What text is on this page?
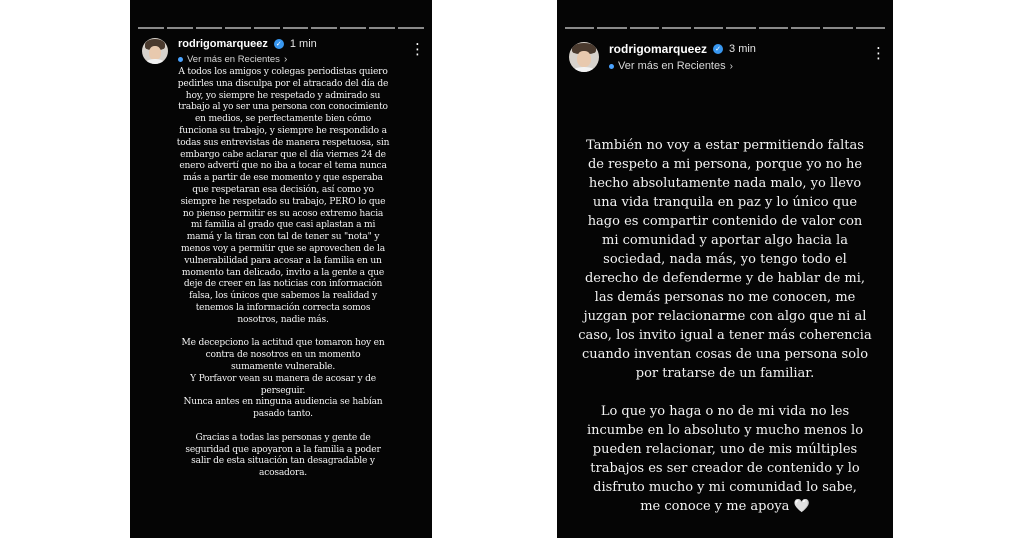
rodrigomarqueez ✓ 1 min
Ver más en Recientes ›
⋮
A todos los amigos y colegas periodistas quiero
pedirles una disculpa por el atracado del día de
hoy, yo siempre he respetado y admirado su
trabajo al yo ser una persona con conocimiento
en medios, se perfectamente bien cómo
funciona su trabajo, y siempre he respondido a
todas sus entrevistas de manera respetuosa, sin
embargo cabe aclarar que el día viernes 24 de
enero advertí que no iba a tocar el tema nunca
más a partir de ese momento y que esperaba
que respetaran esa decisión, así como yo
siempre he respetado su trabajo, PERO lo que
no pienso permitir es su acoso extremo hacia
mi familia al grado que casi aplastan a mi
mamá y la tiran con tal de tener su "nota" y
menos voy a permitir que se aprovechen de la
vulnerabilidad para acosar a la familia en un
momento tan delicado, invito a la gente a que
deje de creer en las noticias con información
falsa, los únicos que sabemos la realidad y
tenemos la información correcta somos
nosotros, nadie más.

Me decepciono la actitud que tomaron hoy en
contra de nosotros en un momento
sumamente vulnerable.
Y Porfavor vean su manera de acosar y de
perseguir.
Nunca antes en ninguna audiencia se habían
pasado tanto.

Gracias a todas las personas y gente de
seguridad que apoyaron a la familia a poder
salir de esta situación tan desagradable y
acosadora.
rodrigomarqueez ✓ 3 min
Ver más en Recientes ›
⋮
También no voy a estar permitiendo faltas
de respeto a mi persona, porque yo no he
hecho absolutamente nada malo, yo llevo
una vida tranquila en paz y lo único que
hago es compartir contenido de valor con
mi comunidad y aportar algo hacia la
sociedad, nada más, yo tengo todo el
derecho de defenderme y de hablar de mi,
las demás personas no me conocen, me
juzgan por relacionarme con algo que ni al
caso, los invito igual a tener más coherencia
cuando inventan cosas de una persona solo
por tratarse de un familiar.

Lo que yo haga o no de mi vida no les
incumbe en lo absoluto y mucho menos lo
pueden relacionar, uno de mis múltiples
trabajos es ser creador de contenido y lo
disfruto mucho y mi comunidad lo sabe,
me conoce y me apoya 🤍
